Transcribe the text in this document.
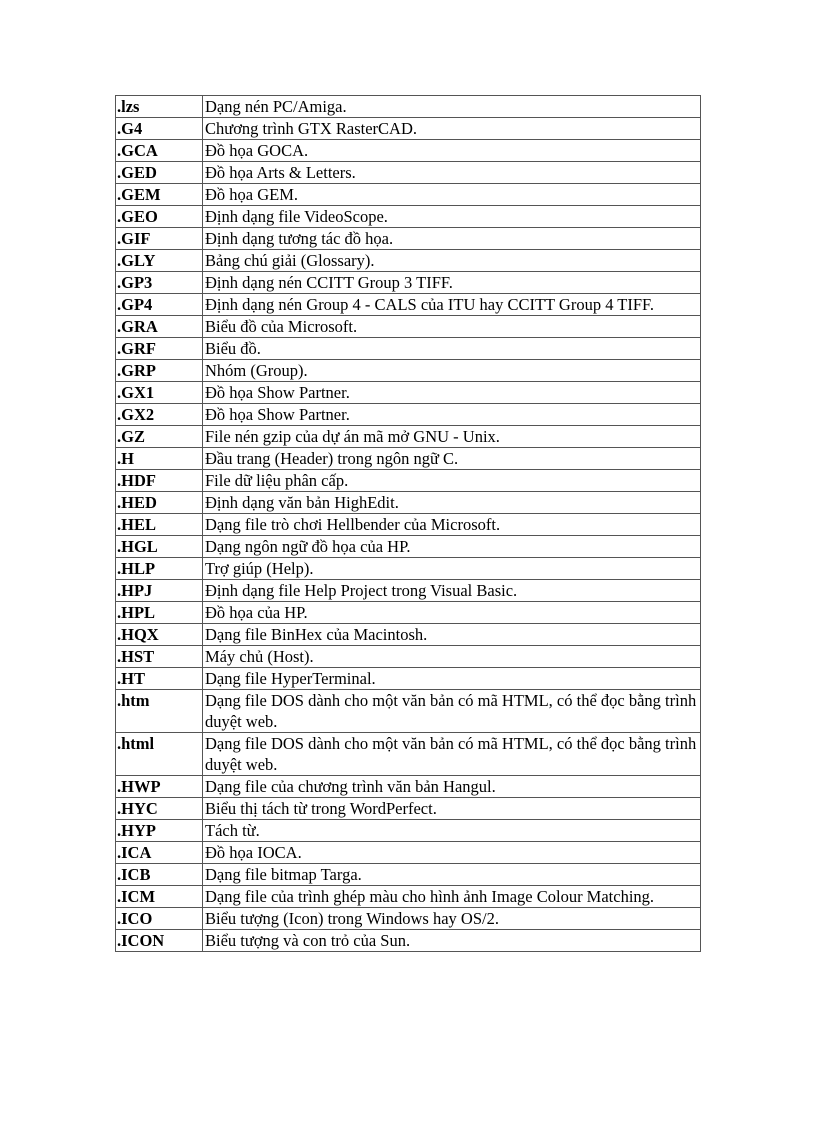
.lzs	Dạng nén PC/Amiga.
.G4	Chương trình GTX RasterCAD.
.GCA	Đồ họa GOCA.
.GED	Đồ họa Arts & Letters.
.GEM	Đồ họa GEM.
.GEO	Định dạng file VideoScope.
.GIF	Định dạng tương tác đồ họa.
.GLY	Bảng chú giải (Glossary).
.GP3	Định dạng nén CCITT Group 3 TIFF.
.GP4	Định dạng nén Group 4 - CALS của ITU hay CCITT Group 4 TIFF.
.GRA	Biểu đồ của Microsoft.
.GRF	Biểu đồ.
.GRP	Nhóm (Group).
.GX1	Đồ họa Show Partner.
.GX2	Đồ họa Show Partner.
.GZ	File nén gzip của dự án mã mở GNU - Unix.
.H	Đầu trang (Header) trong ngôn ngữ C.
.HDF	File dữ liệu phân cấp.
.HED	Định dạng văn bản HighEdit.
.HEL	Dạng file trò chơi Hellbender của Microsoft.
.HGL	Dạng ngôn ngữ đồ họa của HP.
.HLP	Trợ giúp (Help).
.HPJ	Định dạng file Help Project trong Visual Basic.
.HPL	Đồ họa của HP.
.HQX	Dạng file BinHex của Macintosh.
.HST	Máy chủ (Host).
.HT	Dạng file HyperTerminal.
.htm	Dạng file DOS dành cho một văn bản có mã HTML, có thể đọc bằng trình duyệt web.
.html	Dạng file DOS dành cho một văn bản có mã HTML, có thể đọc bằng trình duyệt web.
.HWP	Dạng file của chương trình văn bản Hangul.
.HYC	Biểu thị tách từ trong WordPerfect.
.HYP	Tách từ.
.ICA	Đồ họa IOCA.
.ICB	Dạng file bitmap Targa.
.ICM	Dạng file của trình ghép màu cho hình ảnh Image Colour Matching.
.ICO	Biểu tượng (Icon) trong Windows hay OS/2.
.ICON	Biểu tượng và con trỏ của Sun.
